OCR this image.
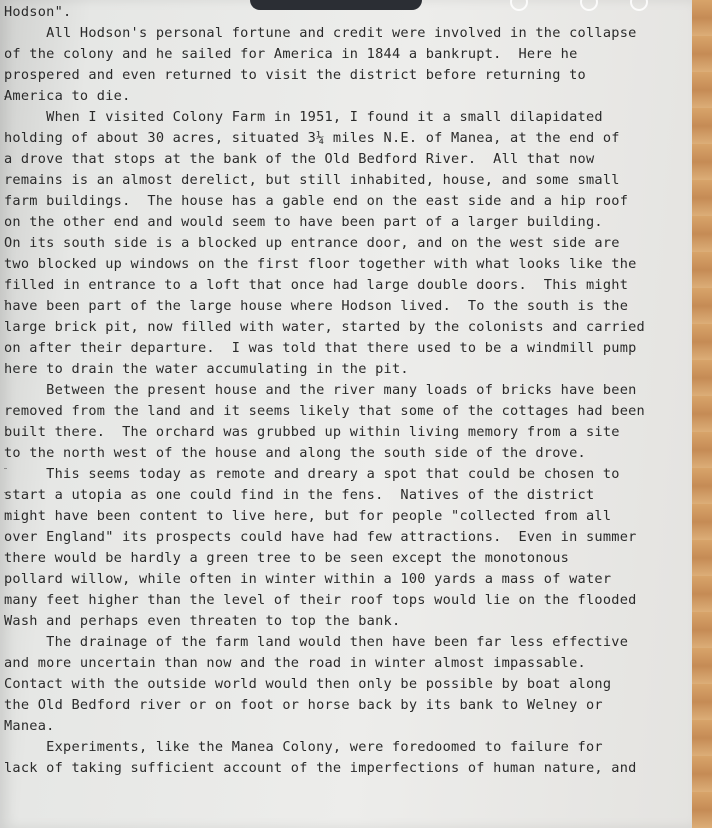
Hodson".
All Hodson's personal fortune and credit were involved in the collapse
of the colony and he sailed for America in 1844 a bankrupt.  Here he
prospered and even returned to visit the district before returning to
America to die.
When I visited Colony Farm in 1951, I found it a small dilapidated
holding of about 30 acres, situated 3¼ miles N.E. of Manea, at the end of
a drove that stops at the bank of the Old Bedford River.  All that now
remains is an almost derelict, but still inhabited, house, and some small
farm buildings.  The house has a gable end on the east side and a hip roof
on the other end and would seem to have been part of a larger building.
On its south side is a blocked up entrance door, and on the west side are
two blocked up windows on the first floor together with what looks like the
filled in entrance to a loft that once had large double doors.  This might
have been part of the large house where Hodson lived.  To the south is the
large brick pit, now filled with water, started by the colonists and carried
on after their departure.  I was told that there used to be a windmill pump
here to drain the water accumulating in the pit.
Between the present house and the river many loads of bricks have been
removed from the land and it seems likely that some of the cottages had been
built there.  The orchard was grubbed up within living memory from a site
to the north west of the house and along the south side of the drove.
This seems today as remote and dreary a spot that could be chosen to
start a utopia as one could find in the fens.  Natives of the district
might have been content to live here, but for people "collected from all
over England" its prospects could have had few attractions.  Even in summer
there would be hardly a green tree to be seen except the monotonous
pollard willow, while often in winter within a 100 yards a mass of water
many feet higher than the level of their roof tops would lie on the flooded
Wash and perhaps even threaten to top the bank.
The drainage of the farm land would then have been far less effective
and more uncertain than now and the road in winter almost impassable.
Contact with the outside world would then only be possible by boat along
the Old Bedford river or on foot or horse back by its bank to Welney or
Manea.
Experiments, like the Manea Colony, were foredoomed to failure for
lack of taking sufficient account of the imperfections of human nature, and
